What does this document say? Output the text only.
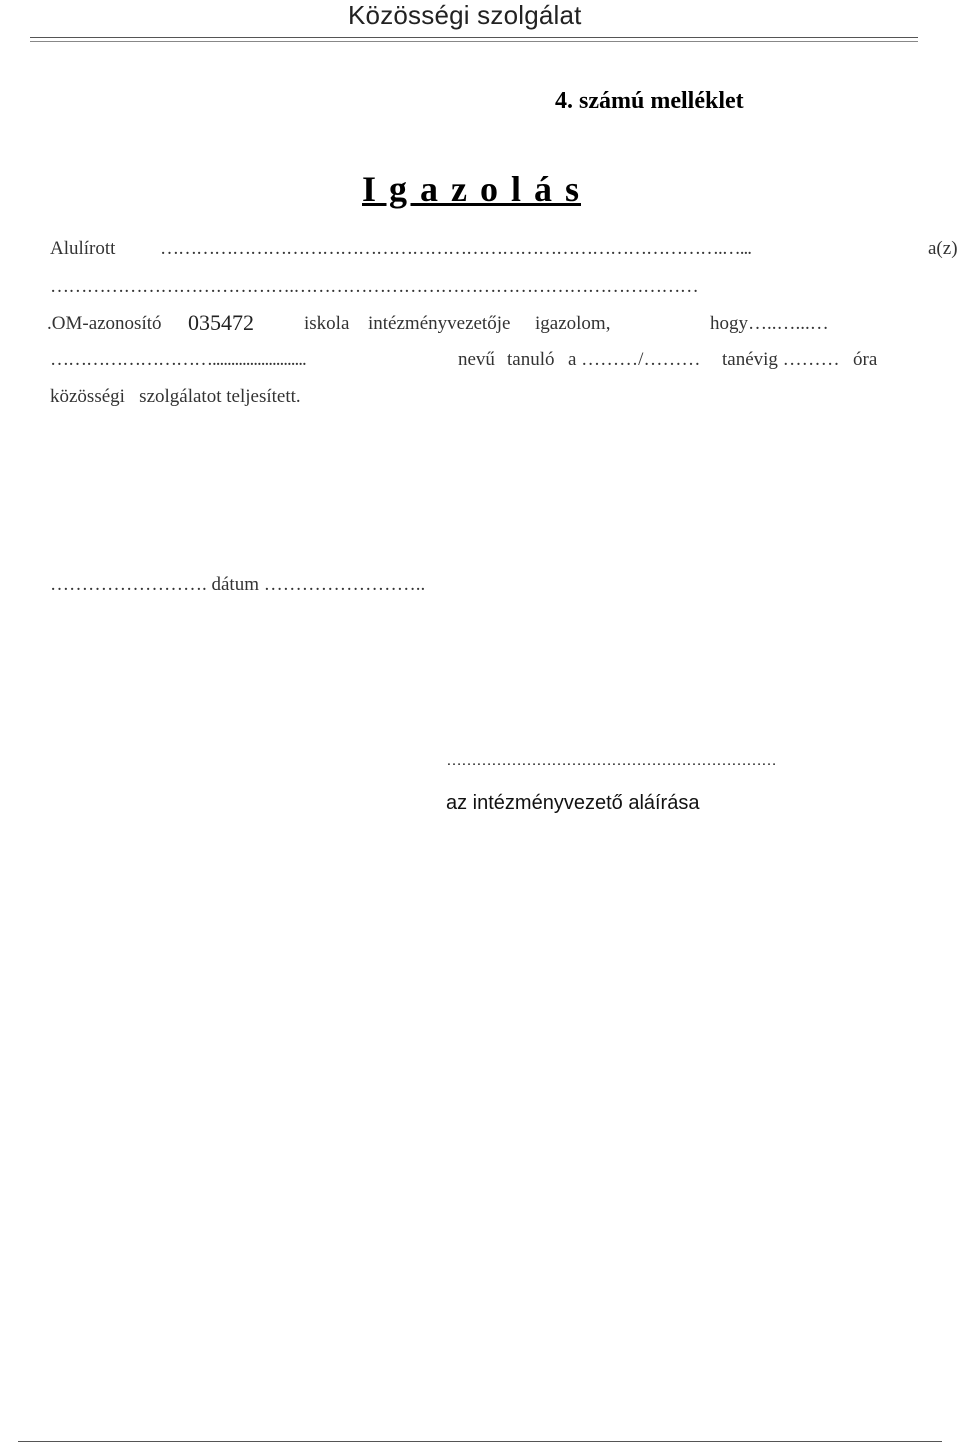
Közösségi szolgálat
4. számú melléklet
I g a z o l á s
Alulírott ………………………………………………………………………………….…...	a(z)
………………………………….…………………………………………………………
.OM-azonosító 035472	iskola intézményvezetője igazolom,	hogy…..…...…
……………………….........................	nevű tanuló a ………/……… tanévig ……… óra
közösségi   szolgálatot teljesített.
……………………. dátum ……………………..
…………………………………………………………
az intézményvezető aláírása
